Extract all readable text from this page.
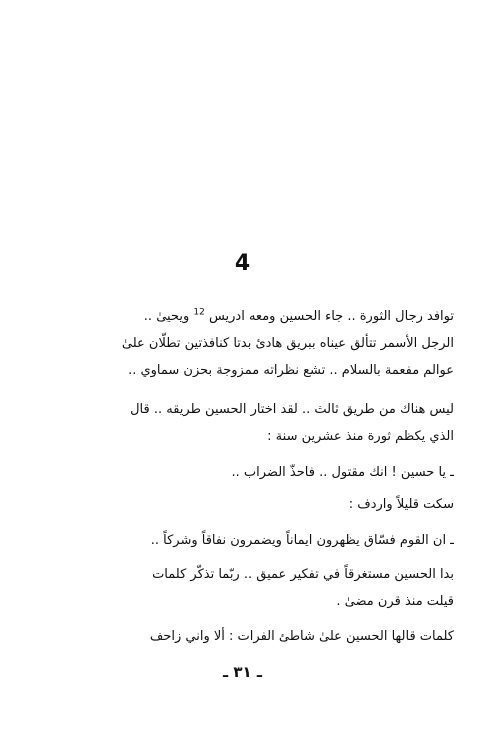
4
توافد رجال الثورة .. جاء الحسين ومعه ادريس $^{12}$ ويحيىٰ ..
الرجل الأسمر تتألق عيناه ببريق هادئ بدتا كنافذتين تطلّان علىٰ
عوالم مفعمة بالسلام .. تشع نظراته ممزوجة بحزن سماوي ..
ليس هناك من طريق ثالث .. لقد اختار الحسين طريقه .. قال
الذي يكظم ثورة منذ عشرين سنة :
ـ يا حسين ! انك مقتول .. فاحذّ الضراب ..
سكت قليلاً واردف :
ـ ان القوم فسّاق يظهرون ايماناً ويضمرون نفاقاً وشركاً ..
بدا الحسين مستغرقاً في تفكير عميق .. ربّما تذكّر كلمات
قيلت منذ قرن مضىٰ .
كلمات قالها الحسين علىٰ شاطئ الفرات : ألا واني زاحف
ـ ٣١ ـ
